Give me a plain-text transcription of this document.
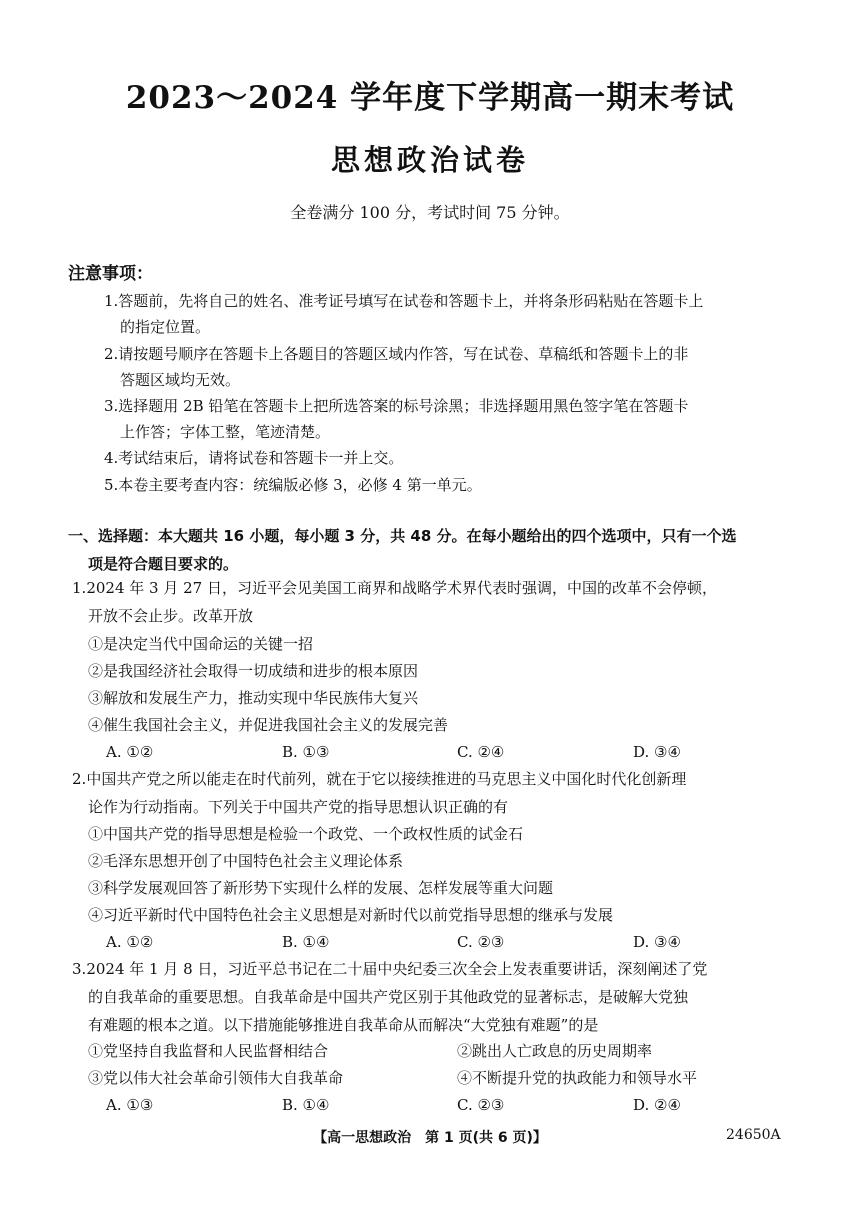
2023～2024 学年度下学期高一期末考试
思想政治试卷
全卷满分 100 分，考试时间 75 分钟。
注意事项：
1.答题前，先将自己的姓名、准考证号填写在试卷和答题卡上，并将条形码粘贴在答题卡上
的指定位置。
2.请按题号顺序在答题卡上各题目的答题区域内作答，写在试卷、草稿纸和答题卡上的非
答题区域均无效。
3.选择题用 2B 铅笔在答题卡上把所选答案的标号涂黑；非选择题用黑色签字笔在答题卡
上作答；字体工整，笔迹清楚。
4.考试结束后，请将试卷和答题卡一并上交。
5.本卷主要考查内容：统编版必修 3，必修 4 第一单元。
一、选择题：本大题共 16 小题，每小题 3 分，共 48 分。在每小题给出的四个选项中，只有一个选
项是符合题目要求的。
1.2024 年 3 月 27 日，习近平会见美国工商界和战略学术界代表时强调，中国的改革不会停顿，
开放不会止步。改革开放
①是决定当代中国命运的关键一招
②是我国经济社会取得一切成绩和进步的根本原因
③解放和发展生产力，推动实现中华民族伟大复兴
④催生我国社会主义，并促进我国社会主义的发展完善
A. ①②	B. ①③	C. ②④	D. ③④
2.中国共产党之所以能走在时代前列，就在于它以接续推进的马克思主义中国化时代化创新理
论作为行动指南。下列关于中国共产党的指导思想认识正确的有
①中国共产党的指导思想是检验一个政党、一个政权性质的试金石
②毛泽东思想开创了中国特色社会主义理论体系
③科学发展观回答了新形势下实现什么样的发展、怎样发展等重大问题
④习近平新时代中国特色社会主义思想是对新时代以前党指导思想的继承与发展
A. ①②	B. ①④	C. ②③	D. ③④
3.2024 年 1 月 8 日，习近平总书记在二十届中央纪委三次全会上发表重要讲话，深刻阐述了党
的自我革命的重要思想。自我革命是中国共产党区别于其他政党的显著标志，是破解大党独
有难题的根本之道。以下措施能够推进自我革命从而解决“大党独有难题”的是
①党坚持自我监督和人民监督相结合	②跳出人亡政息的历史周期率
③党以伟大社会革命引领伟大自我革命	④不断提升党的执政能力和领导水平
A. ①③	B. ①④	C. ②③	D. ②④
【高一思想政治　第 1 页(共 6 页)】	24650A
